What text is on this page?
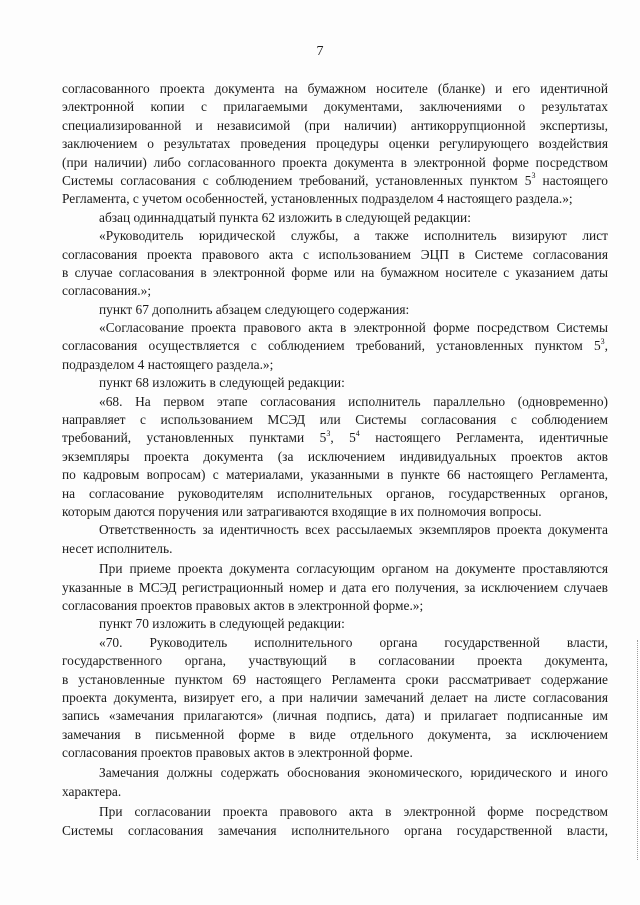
7
согласованного проекта документа на бумажном носителе (бланке) и его идентичной
электронной копии с прилагаемыми документами, заключениями о результатах
специализированной и независимой (при наличии) антикоррупционной экспертизы,
заключением о результатах проведения процедуры оценки регулирующего воздействия
(при наличии) либо согласованного проекта документа в электронной форме посредством
Системы согласования с соблюдением требований, установленных пунктом $5^3$ настоящего
Регламента, с учетом особенностей, установленных подразделом 4 настоящего раздела.»;
абзац одиннадцатый пункта 62 изложить в следующей редакции:
«Руководитель юридической службы, а также исполнитель визируют лист
согласования проекта правового акта с использованием ЭЦП в Системе согласования
в случае согласования в электронной форме или на бумажном носителе с указанием даты
согласования.»;
пункт 67 дополнить абзацем следующего содержания:
«Согласование проекта правового акта в электронной форме посредством Системы
согласования осуществляется с соблюдением требований, установленных пунктом $5^3$,
подразделом 4 настоящего раздела.»;
пункт 68 изложить в следующей редакции:
«68. На первом этапе согласования исполнитель параллельно (одновременно)
направляет с использованием МСЭД или Системы согласования с соблюдением
требований, установленных пунктами $5^3$, $5^4$ настоящего Регламента, идентичные
экземпляры проекта документа (за исключением индивидуальных проектов актов
по кадровым вопросам) с материалами, указанными в пункте 66 настоящего Регламента,
на согласование руководителям исполнительных органов, государственных органов,
которым даются поручения или затрагиваются входящие в их полномочия вопросы.
Ответственность за идентичность всех рассылаемых экземпляров проекта документа
несет исполнитель.
При приеме проекта документа согласующим органом на документе проставляются
указанные в МСЭД регистрационный номер и дата его получения, за исключением случаев
согласования проектов правовых актов в электронной форме.»;
пункт 70 изложить в следующей редакции:
«70. Руководитель исполнительного органа государственной власти,
государственного органа, участвующий в согласовании проекта документа,
в установленные пунктом 69 настоящего Регламента сроки рассматривает содержание
проекта документа, визирует его, а при наличии замечаний делает на листе согласования
запись «замечания прилагаются» (личная подпись, дата) и прилагает подписанные им
замечания в письменной форме в виде отдельного документа, за исключением
согласования проектов правовых актов в электронной форме.
Замечания должны содержать обоснования экономического, юридического и иного
характера.
При согласовании проекта правового акта в электронной форме посредством
Системы согласования замечания исполнительного органа государственной власти,
